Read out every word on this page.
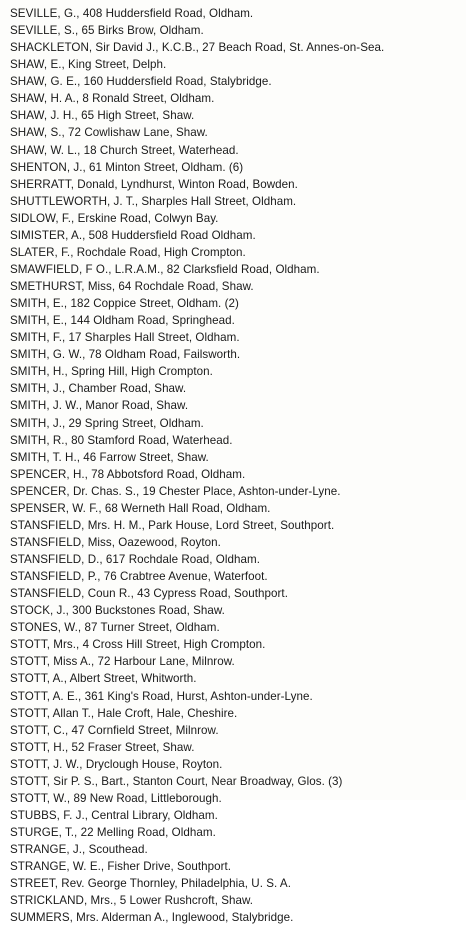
SEVILLE, G., 408 Huddersfield Road, Oldham.
SEVILLE, S., 65 Birks Brow, Oldham.
SHACKLETON, Sir David J., K.C.B., 27 Beach Road, St. Annes-on-Sea.
SHAW, E., King Street, Delph.
SHAW, G. E., 160 Huddersfield Road, Stalybridge.
SHAW, H. A., 8 Ronald Street, Oldham.
SHAW, J. H., 65 High Street, Shaw.
SHAW, S., 72 Cowlishaw Lane, Shaw.
SHAW, W. L., 18 Church Street, Waterhead.
SHENTON, J., 61 Minton Street, Oldham. (6)
SHERRATT, Donald, Lyndhurst, Winton Road, Bowden.
SHUTTLEWORTH, J. T., Sharples Hall Street, Oldham.
SIDLOW, F., Erskine Road, Colwyn Bay.
SIMISTER, A., 508 Huddersfield Road Oldham.
SLATER, F., Rochdale Road, High Crompton.
SMAWFIELD, F O., L.R.A.M., 82 Clarksfield Road, Oldham.
SMETHURST, Miss, 64 Rochdale Road, Shaw.
SMITH, E., 182 Coppice Street, Oldham. (2)
SMITH, E., 144 Oldham Road, Springhead.
SMITH, F., 17 Sharples Hall Street, Oldham.
SMITH, G. W., 78 Oldham Road, Failsworth.
SMITH, H., Spring Hill, High Crompton.
SMITH, J., Chamber Road, Shaw.
SMITH, J. W., Manor Road, Shaw.
SMITH, J., 29 Spring Street, Oldham.
SMITH, R., 80 Stamford Road, Waterhead.
SMITH, T. H., 46 Farrow Street, Shaw.
SPENCER, H., 78 Abbotsford Road, Oldham.
SPENCER, Dr. Chas. S., 19 Chester Place, Ashton-under-Lyne.
SPENSER, W. F., 68 Werneth Hall Road, Oldham.
STANSFIELD, Mrs. H. M., Park House, Lord Street, Southport.
STANSFIELD, Miss, Oazewood, Royton.
STANSFIELD, D., 617 Rochdale Road, Oldham.
STANSFIELD, P., 76 Crabtree Avenue, Waterfoot.
STANSFIELD, Coun R., 43 Cypress Road, Southport.
STOCK, J., 300 Buckstones Road, Shaw.
STONES, W., 87 Turner Street, Oldham.
STOTT, Mrs., 4 Cross Hill Street, High Crompton.
STOTT, Miss A., 72 Harbour Lane, Milnrow.
STOTT, A., Albert Street, Whitworth.
STOTT, A. E., 361 King's Road, Hurst, Ashton-under-Lyne.
STOTT, Allan T., Hale Croft, Hale, Cheshire.
STOTT, C., 47 Cornfield Street, Milnrow.
STOTT, H., 52 Fraser Street, Shaw.
STOTT, J. W., Dryclough House, Royton.
STOTT, Sir P. S., Bart., Stanton Court, Near Broadway, Glos. (3)
STOTT, W., 89 New Road, Littleborough.
STUBBS, F. J., Central Library, Oldham.
STURGE, T., 22 Melling Road, Oldham.
STRANGE, J., Scouthead.
STRANGE, W. E., Fisher Drive, Southport.
STREET, Rev. George Thornley, Philadelphia, U. S. A.
STRICKLAND, Mrs., 5 Lower Rushcroft, Shaw.
SUMMERS, Mrs. Alderman A., Inglewood, Stalybridge.
